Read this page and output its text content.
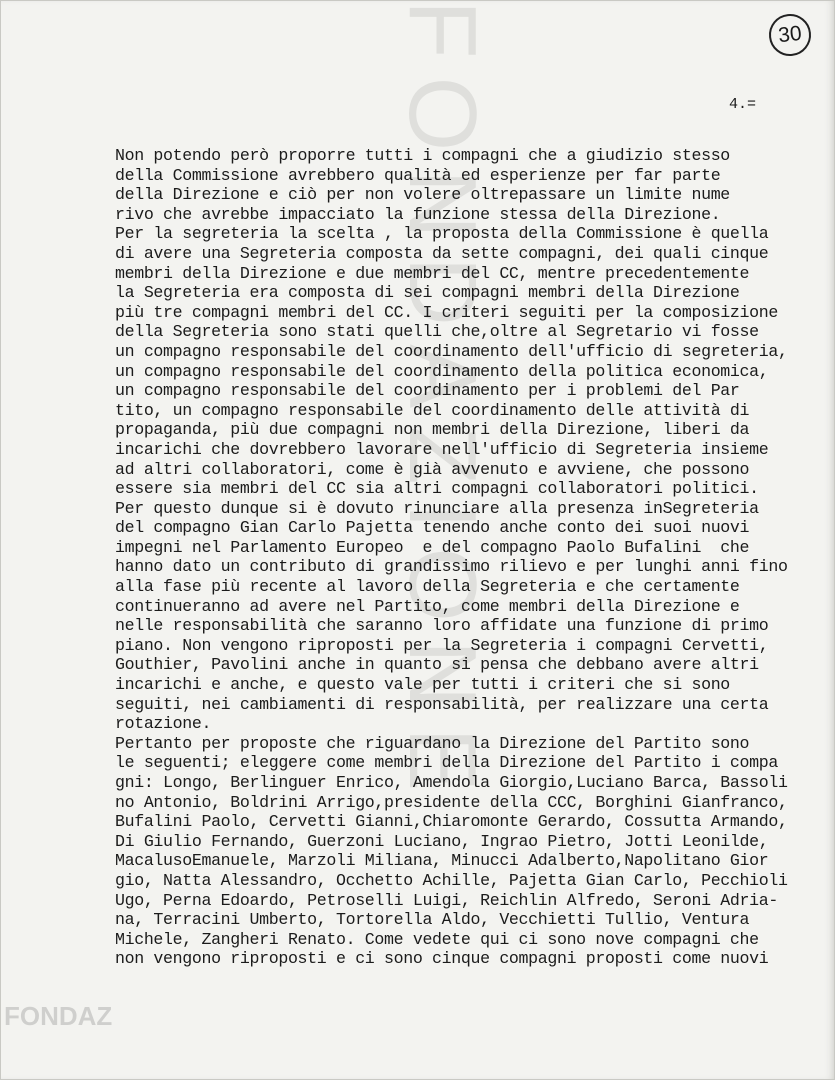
FONDAZIONE
FONDAZ
30
4.=
Non potendo però proporre tutti i compagni che a giudizio stesso
della Commissione avrebbero qualità ed esperienze per far parte
della Direzione e ciò per non volere oltrepassare un limite nume
rivo che avrebbe impacciato la funzione stessa della Direzione.
Per la segreteria la scelta , la proposta della Commissione è quella
di avere una Segreteria composta da sette compagni, dei quali cinque
membri della Direzione e due membri del CC, mentre precedentemente
la Segreteria era composta di sei compagni membri della Direzione
più tre compagni membri del CC. I criteri seguiti per la composizione
della Segreteria sono stati quelli che,oltre al Segretario vi fosse
un compagno responsabile del coordinamento dell'ufficio di segreteria,
un compagno responsabile del coordinamento della politica economica,
un compagno responsabile del coordinamento per i problemi del Par
tito, un compagno responsabile del coordinamento delle attività di
propaganda, più due compagni non membri della Direzione, liberi da
incarichi che dovrebbero lavorare nell'ufficio di Segreteria insieme
ad altri collaboratori, come è già avvenuto e avviene, che possono
essere sia membri del CC sia altri compagni collaboratori politici.
Per questo dunque si è dovuto rinunciare alla presenza inSegreteria
del compagno Gian Carlo Pajetta tenendo anche conto dei suoi nuovi
impegni nel Parlamento Europeo  e del compagno Paolo Bufalini  che
hanno dato un contributo di grandissimo rilievo e per lunghi anni fino
alla fase più recente al lavoro della Segreteria e che certamente
continueranno ad avere nel Partito, come membri della Direzione e
nelle responsabilità che saranno loro affidate una funzione di primo
piano. Non vengono riproposti per la Segreteria i compagni Cervetti,
Gouthier, Pavolini anche in quanto si pensa che debbano avere altri
incarichi e anche, e questo vale per tutti i criteri che si sono
seguiti, nei cambiamenti di responsabilità, per realizzare una certa
rotazione.
Pertanto per proposte che riguardano la Direzione del Partito sono
le seguenti; eleggere come membri della Direzione del Partito i compa
gni: Longo, Berlinguer Enrico, Amendola Giorgio,Luciano Barca, Bassoli
no Antonio, Boldrini Arrigo,presidente della CCC, Borghini Gianfranco,
Bufalini Paolo, Cervetti Gianni,Chiaromonte Gerardo, Cossutta Armando,
Di Giulio Fernando, Guerzoni Luciano, Ingrao Pietro, Jotti Leonilde,
MacalusoEmanuele, Marzoli Miliana, Minucci Adalberto,Napolitano Gior
gio, Natta Alessandro, Occhetto Achille, Pajetta Gian Carlo, Pecchioli
Ugo, Perna Edoardo, Petroselli Luigi, Reichlin Alfredo, Seroni Adria-
na, Terracini Umberto, Tortorella Aldo, Vecchietti Tullio, Ventura
Michele, Zangheri Renato. Come vedete qui ci sono nove compagni che
non vengono riproposti e ci sono cinque compagni proposti come nuovi
